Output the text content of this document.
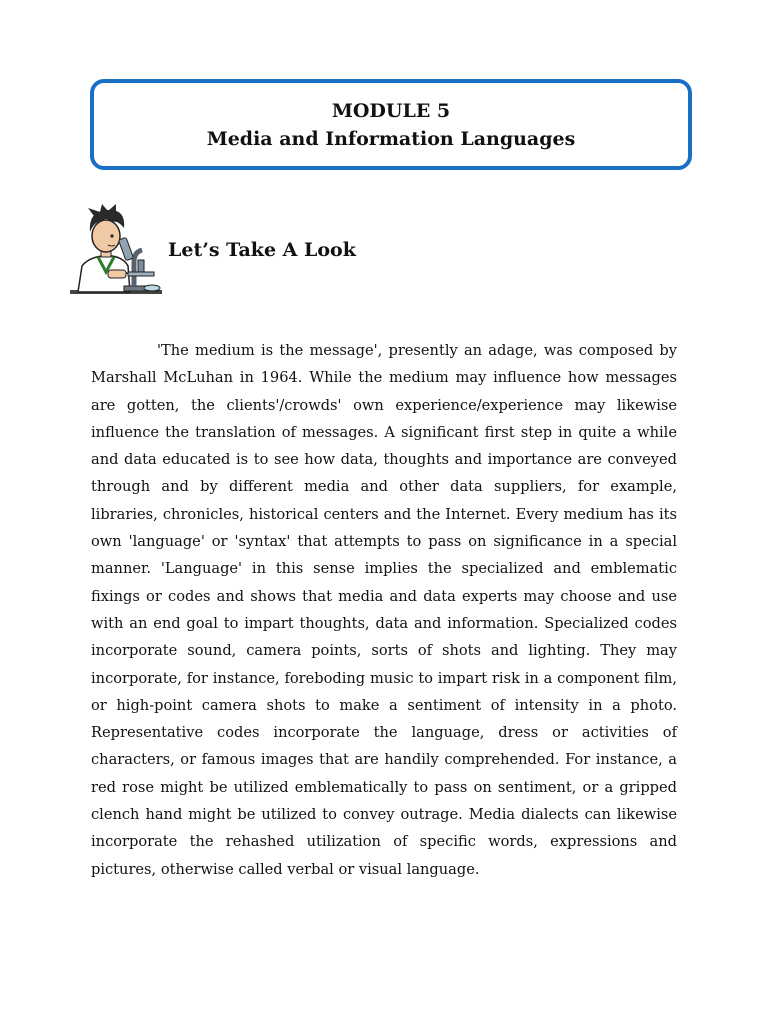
MODULE 5
Media and Information Languages
Let’s Take A Look

'The medium is the message', presently an adage, was composed by Marshall McLuhan in 1964. While the medium may influence how messages are gotten, the clients'/crowds' own experience/experience may likewise influence the translation of messages. A significant first step in quite a while and data educated is to see how data, thoughts and importance are conveyed through and by different media and other data suppliers, for example, libraries, chronicles, historical centers and the Internet. Every medium has its own 'language' or 'syntax' that attempts to pass on significance in a special manner. 'Language' in this sense implies the specialized and emblematic fixings or codes and shows that media and data experts may choose and use with an end goal to impart thoughts, data and information. Specialized codes incorporate sound, camera points, sorts of shots and lighting. They may incorporate, for instance, foreboding music to impart risk in a component film, or high-point camera shots to make a sentiment of intensity in a photo. Representative codes incorporate the language, dress or activities of characters, or famous images that are handily comprehended. For instance, a red rose might be utilized emblematically to pass on sentiment, or a gripped clench hand might be utilized to convey outrage. Media dialects can likewise incorporate the rehashed utilization of specific words, expressions and pictures, otherwise called verbal or visual language.
